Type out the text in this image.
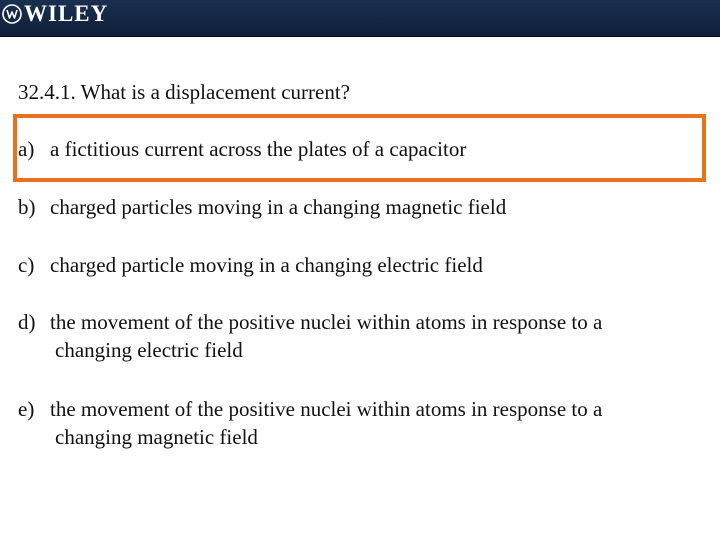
WILEY
32.4.1. What is a displacement current?
a) a fictitious current across the plates of a capacitor
b) charged particles moving in a changing magnetic field
c) charged particle moving in a changing electric field
d) the movement of the positive nuclei within atoms in response to a
changing electric field
e) the movement of the positive nuclei within atoms in response to a
changing magnetic field
